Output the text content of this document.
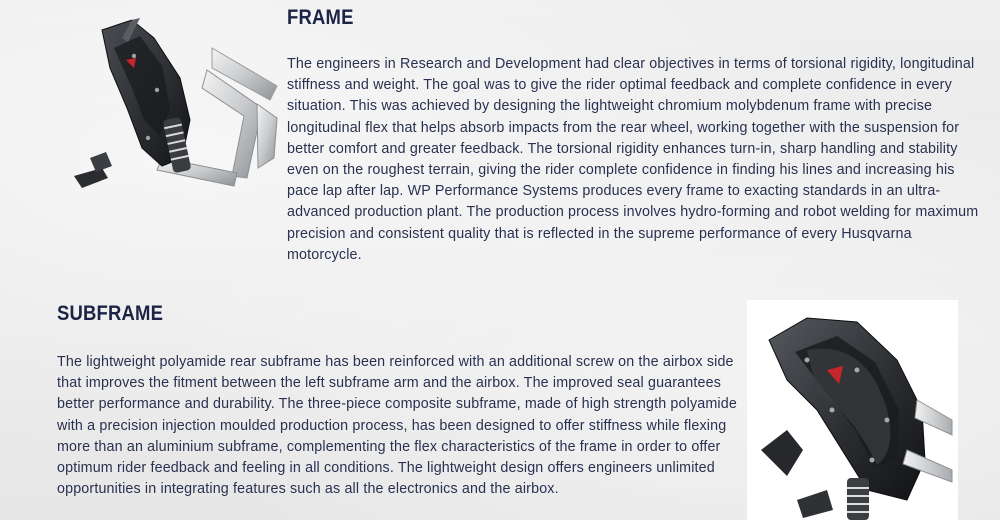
FRAME

The engineers in Research and Development had clear objectives in terms of torsional rigidity, longitudinal stiffness and weight. The goal was to give the rider optimal feedback and complete confidence in every situation. This was achieved by designing the lightweight chromium molybdenum frame with precise longitudinal flex that helps absorb impacts from the rear wheel, working together with the suspension for better comfort and greater feedback. The torsional rigidity enhances turn-in, sharp handling and stability even on the roughest terrain, giving the rider complete confidence in finding his lines and increasing his pace lap after lap. WP Performance Systems produces every frame to exacting standards in an ultra-advanced production plant. The production process involves hydro-forming and robot welding for maximum precision and consistent quality that is reflected in the supreme performance of every Husqvarna motorcycle.

SUBFRAME

The lightweight polyamide rear subframe has been reinforced with an additional screw on the airbox side that improves the fitment between the left subframe arm and the airbox. The improved seal guarantees better performance and durability. The three-piece composite subframe, made of high strength polyamide with a precision injection moulded production process, has been designed to offer stiffness while flexing more than an aluminium subframe, complementing the flex characteristics of the frame in order to offer optimum rider feedback and feeling in all conditions. The lightweight design offers engineers unlimited opportunities in integrating features such as all the electronics and the airbox.
